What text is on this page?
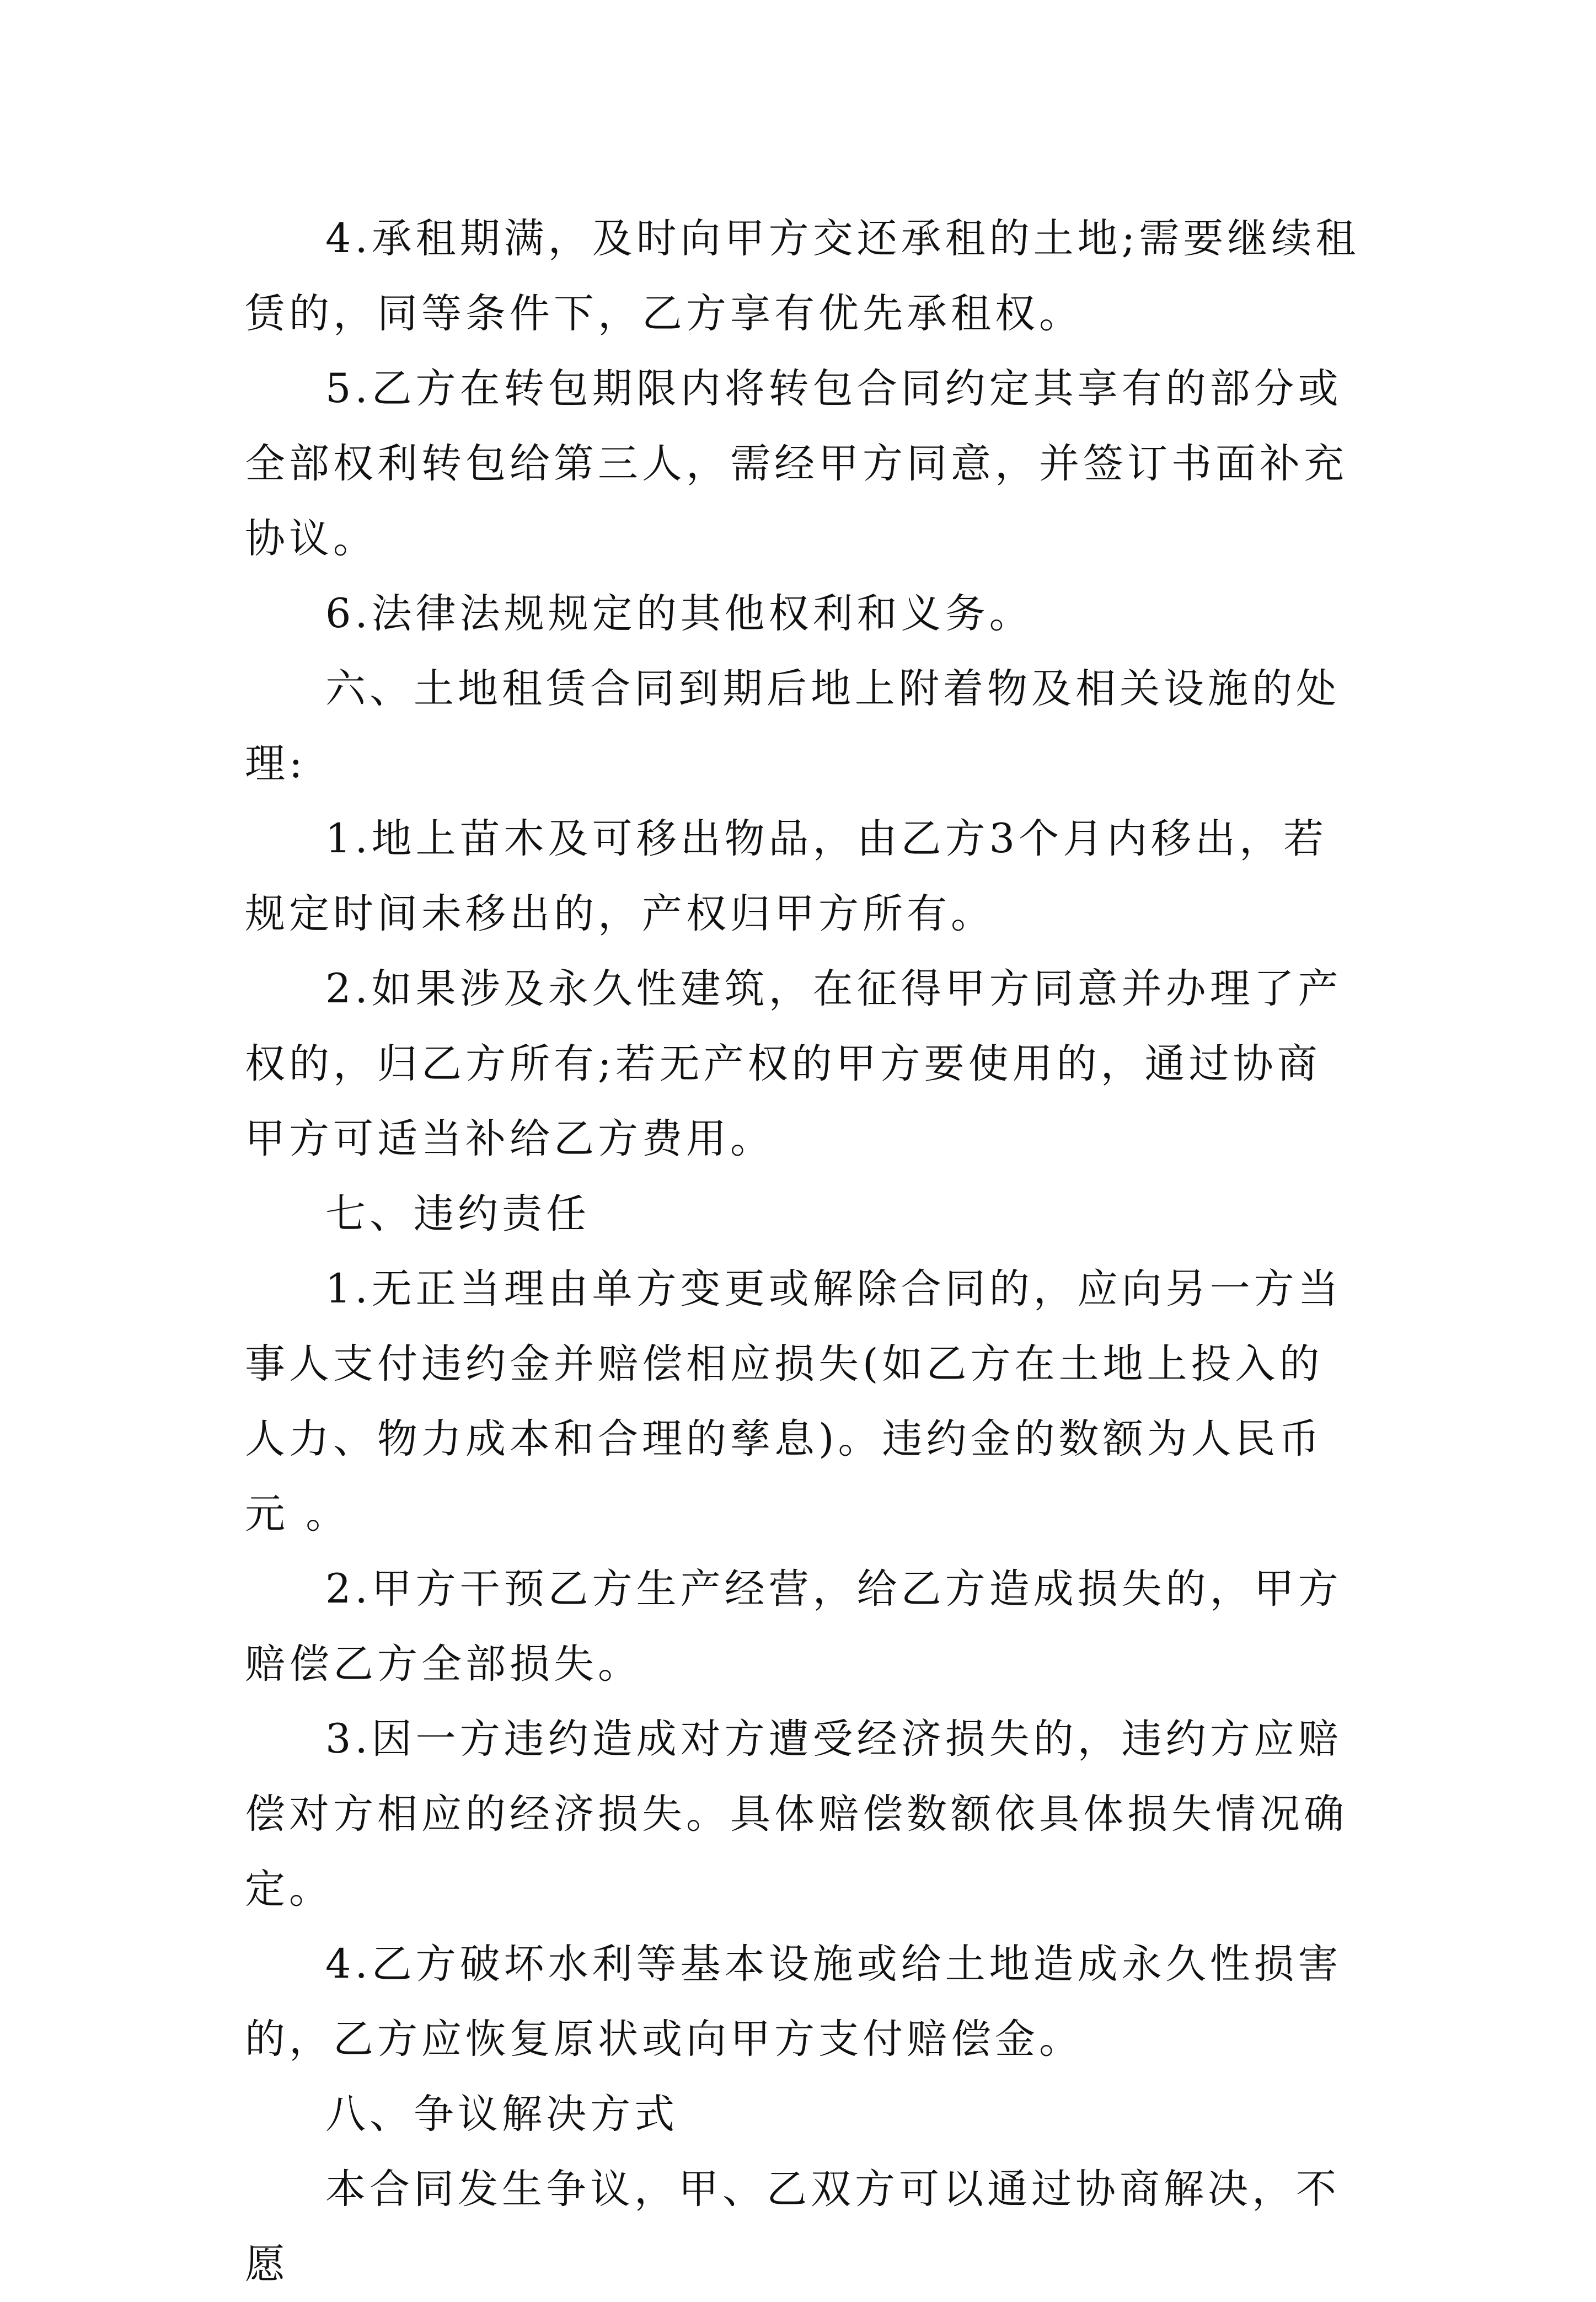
4.承租期满，及时向甲方交还承租的土地;需要继续租赁的，同等条件下，乙方享有优先承租权。

5.乙方在转包期限内将转包合同约定其享有的部分或全部权利转包给第三人，需经甲方同意，并签订书面补充协议。

6.法律法规规定的其他权利和义务。

六、土地租赁合同到期后地上附着物及相关设施的处理:

1.地上苗木及可移出物品，由乙方3个月内移出，若规定时间未移出的，产权归甲方所有。

2.如果涉及永久性建筑，在征得甲方同意并办理了产权的，归乙方所有;若无产权的甲方要使用的，通过协商甲方可适当补给乙方费用。

七、违约责任

1.无正当理由单方变更或解除合同的，应向另一方当事人支付违约金并赔偿相应损失(如乙方在土地上投入的人力、物力成本和合理的孳息)。违约金的数额为人民币 元 。

2.甲方干预乙方生产经营，给乙方造成损失的，甲方赔偿乙方全部损失。

3.因一方违约造成对方遭受经济损失的，违约方应赔偿对方相应的经济损失。具体赔偿数额依具体损失情况确定。

4.乙方破坏水利等基本设施或给土地造成永久性损害的，乙方应恢复原状或向甲方支付赔偿金。

八、争议解决方式

本合同发生争议，甲、乙双方可以通过协商解决，不愿
